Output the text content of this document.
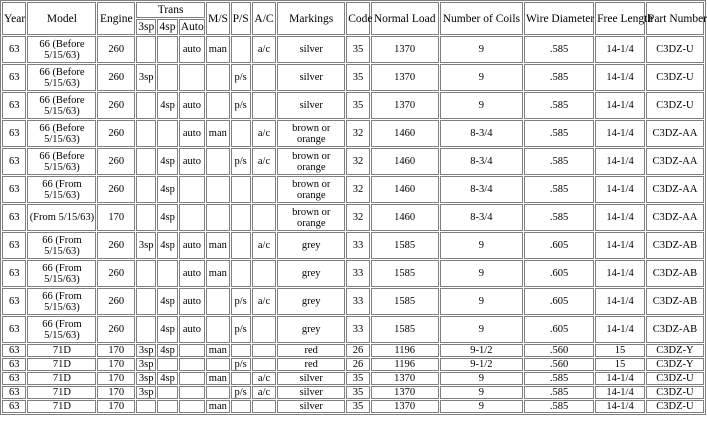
Year	Model	Engine	Trans			M/S	P/S	A/C	Markings	Code	Normal Load	Number of Coils	Wire Diameter	Free Length	Part Number
			3sp	4sp	Auto										
63	66 (Before 5/15/63)	260			auto	man		a/c	silver	35	1370	9	.585	14-1/4	C3DZ-U
63	66 (Before 5/15/63)	260	3sp				p/s		silver	35	1370	9	.585	14-1/4	C3DZ-U
63	66 (Before 5/15/63)	260		4sp	auto		p/s		silver	35	1370	9	.585	14-1/4	C3DZ-U
63	66 (Before 5/15/63)	260			auto	man		a/c	brown or orange	32	1460	8-3/4	.585	14-1/4	C3DZ-AA
63	66 (Before 5/15/63)	260		4sp	auto		p/s	a/c	brown or orange	32	1460	8-3/4	.585	14-1/4	C3DZ-AA
63	66 (From 5/15/63)	260		4sp					brown or orange	32	1460	8-3/4	.585	14-1/4	C3DZ-AA
63	(From 5/15/63)	170		4sp					brown or orange	32	1460	8-3/4	.585	14-1/4	C3DZ-AA
63	66 (From 5/15/63)	260	3sp	4sp	auto	man		a/c	grey	33	1585	9	.605	14-1/4	C3DZ-AB
63	66 (From 5/15/63)	260			auto	man			grey	33	1585	9	.605	14-1/4	C3DZ-AB
63	66 (From 5/15/63)	260		4sp	auto		p/s	a/c	grey	33	1585	9	.605	14-1/4	C3DZ-AB
63	66 (From 5/15/63)	260		4sp	auto		p/s		grey	33	1585	9	.605	14-1/4	C3DZ-AB
63	71D	170	3sp	4sp		man			red	26	1196	9-1/2	.560	15	C3DZ-Y
63	71D	170	3sp				p/s		red	26	1196	9-1/2	.560	15	C3DZ-Y
63	71D	170	3sp	4sp		man		a/c	silver	35	1370	9	.585	14-1/4	C3DZ-U
63	71D	170	3sp				p/s	a/c	silver	35	1370	9	.585	14-1/4	C3DZ-U
63	71D	170				man			silver	35	1370	9	.585	14-1/4	C3DZ-U
